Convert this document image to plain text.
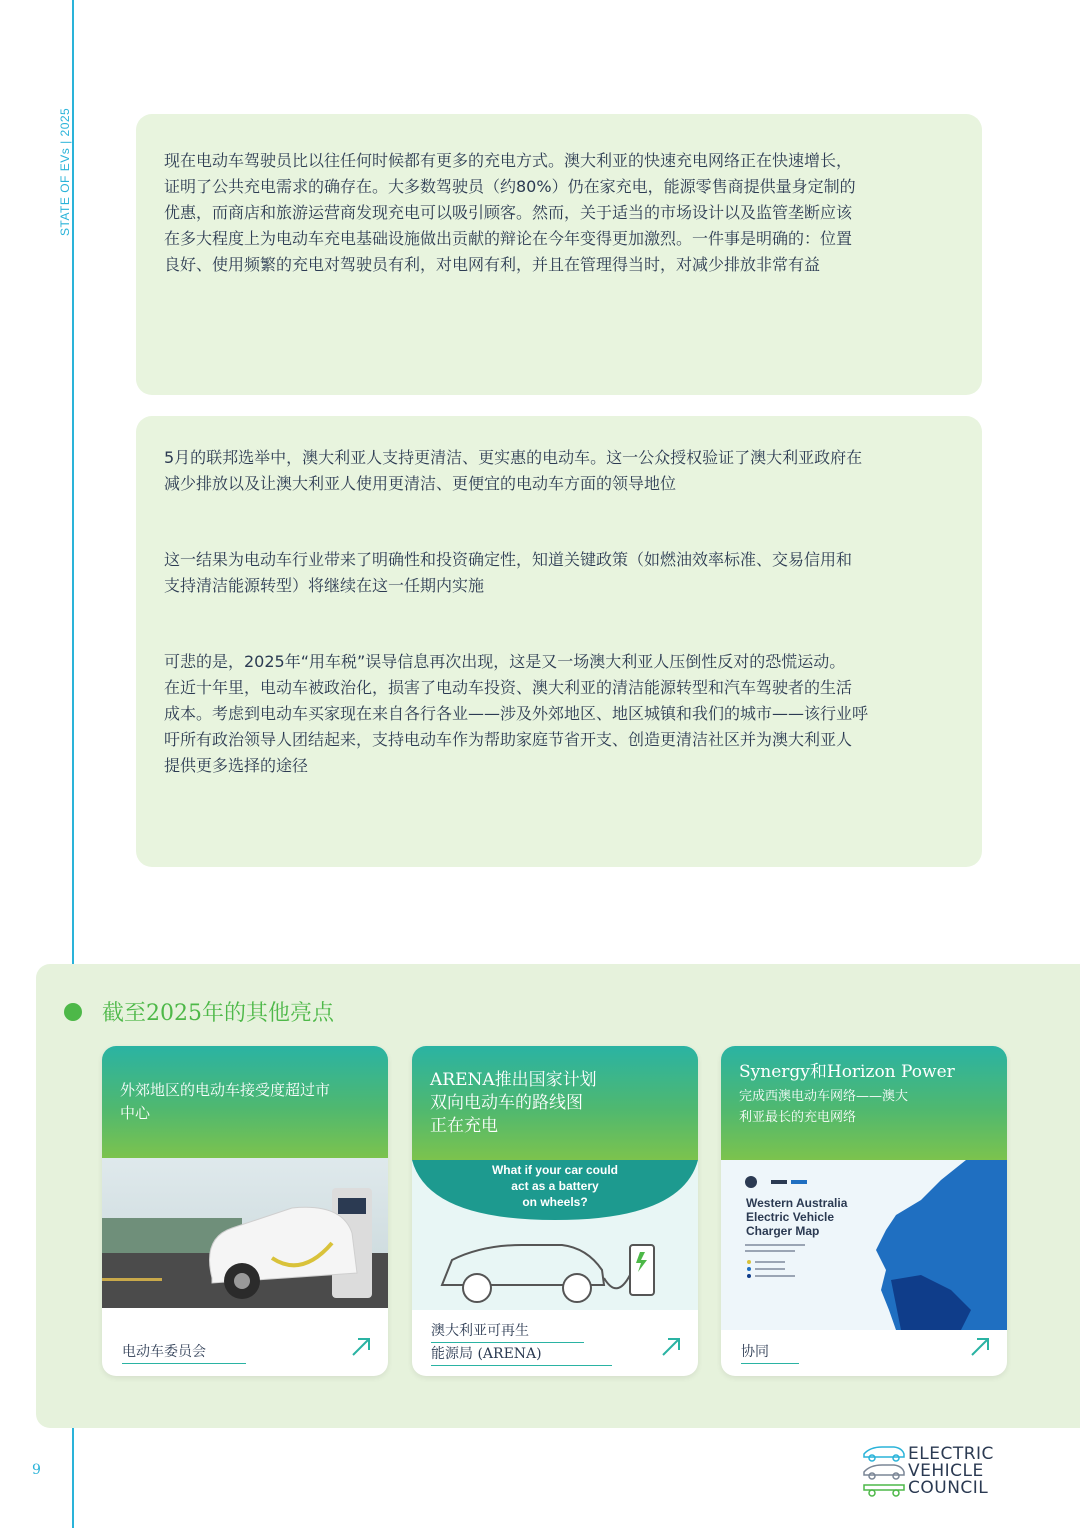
STATE OF EVs | 2025	现在电动车驾驶员比以往任何时候都有更多的充电方式。澳大利亚的快速充电网络正在快速增长，

证明了公共充电需求的确存在。大多数驾驶员（约80%）仍在家充电，能源零售商提供量身定制的

优惠，而商店和旅游运营商发现充电可以吸引顾客。然而，关于适当的市场设计以及监管垄断应该

在多大程度上为电动车充电基础设施做出贡献的辩论在今年变得更加激烈。一件事是明确的：位置

良好、使用频繁的充电对驾驶员有利，对电网有利，并且在管理得当时，对减少排放非常有益

5月的联邦选举中，澳大利亚人支持更清洁、更实惠的电动车。这一公众授权验证了澳大利亚政府在

减少排放以及让澳大利亚人使用更清洁、更便宜的电动车方面的领导地位

这一结果为电动车行业带来了明确性和投资确定性，知道关键政策（如燃油效率标准、交易信用和

支持清洁能源转型）将继续在这一任期内实施

可悲的是，2025年“用车税”误导信息再次出现，这是又一场澳大利亚人压倒性反对的恐慌运动。

在近十年里，电动车被政治化，损害了电动车投资、澳大利亚的清洁能源转型和汽车驾驶者的生活

成本。考虑到电动车买家现在来自各行各业——涉及外郊地区、地区城镇和我们的城市——该行业呼

吁所有政治领导人团结起来，支持电动车作为帮助家庭节省开支、创造更清洁社区并为澳大利亚人

提供更多选择的途径

截至2025年的其他亮点
外郊地区的电动车接受度超过市
中心
电动车委员会
ARENA推出国家计划
双向电动车的路线图
正在充电
What if your car could
act as a battery
on wheels?
澳大利亚可再生
能源局 (ARENA)
Synergy和Horizon Power
完成西澳电动车网络——澳大
利亚最长的充电网络
Western Australia
Electric Vehicle
Charger Map
协同
9
ELECTRIC
VEHICLE
COUNCIL
